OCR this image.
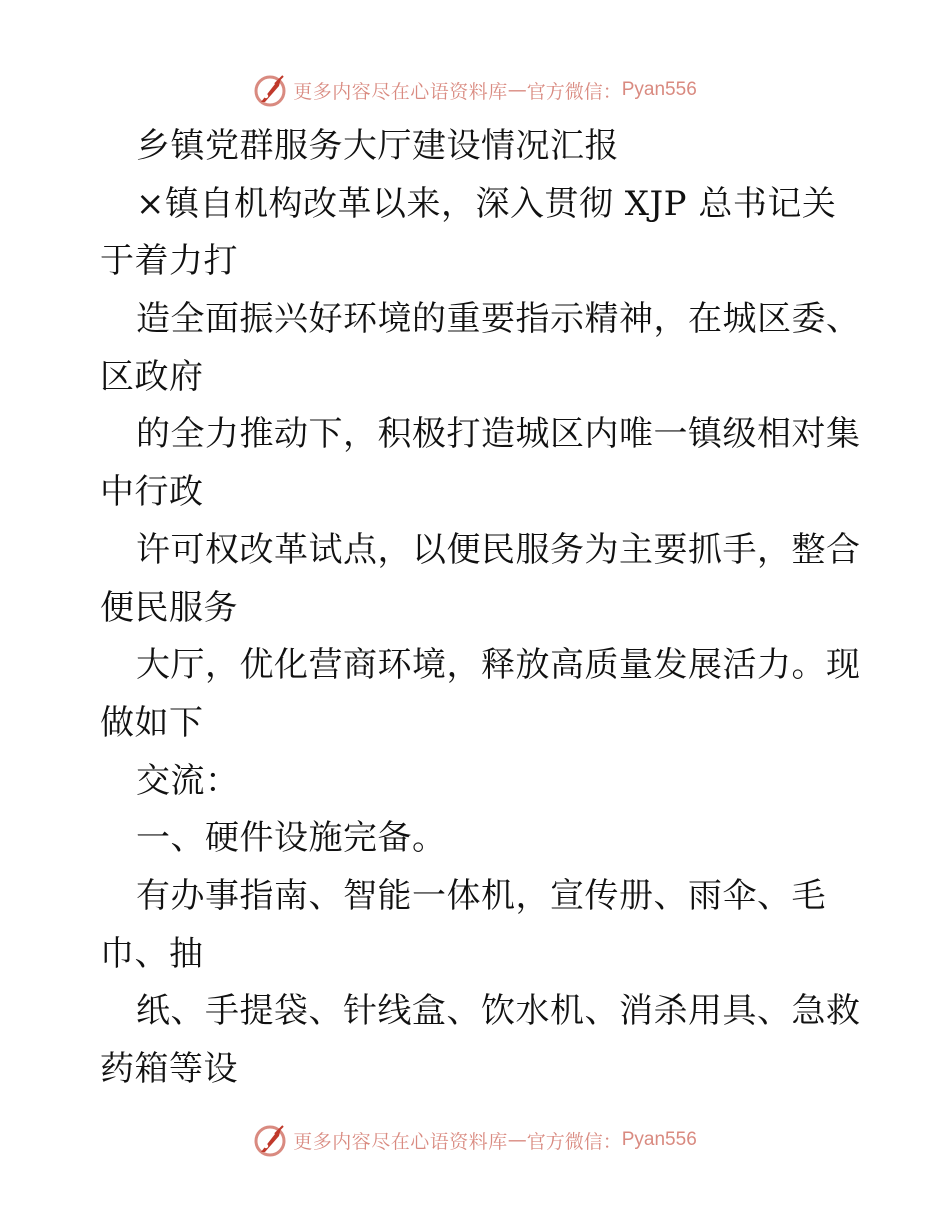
更多内容尽在心语资料库 — 官方微信： Pyan556
乡镇党群服务大厅建设情况汇报
×镇自机构改革以来，深入贯彻 XJP 总书记关
于着力打
造全面振兴好环境的重要指示精神，在城区委、
区政府
的全力推动下，积极打造城区内唯一镇级相对集
中行政
许可权改革试点，以便民服务为主要抓手，整合
便民服务
大厅，优化营商环境，释放高质量发展活力。现
做如下
交流：
一、硬件设施完备。
有办事指南、智能一体机，宣传册、雨伞、毛
巾、抽
纸、手提袋、针线盒、饮水机、消杀用具、急救
药箱等设
更多内容尽在心语资料库 — 官方微信： Pyan556
